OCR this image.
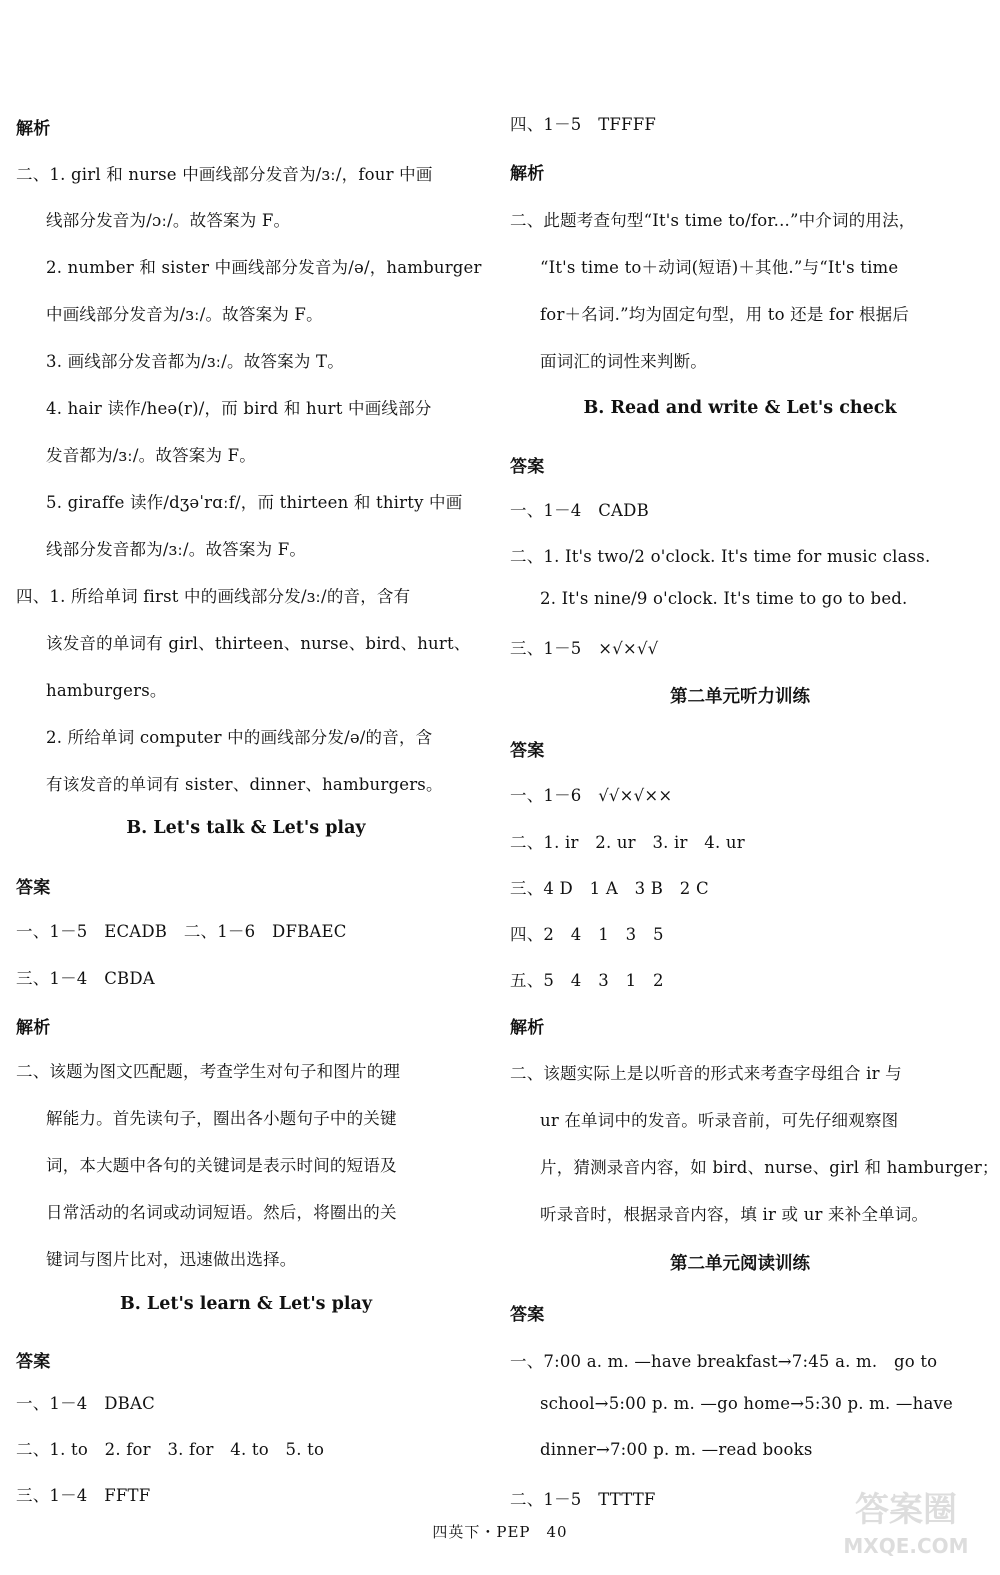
解析
二、1. girl 和 nurse 中画线部分发音为/ɜː/，four 中画
线部分发音为/ɔː/。故答案为 F。
2. number 和 sister 中画线部分发音为/ə/，hamburger
中画线部分发音为/ɜː/。故答案为 F。
3. 画线部分发音都为/ɜː/。故答案为 T。
4. hair 读作/heə(r)/，而 bird 和 hurt 中画线部分
发音都为/ɜː/。故答案为 F。
5. giraffe 读作/dʒəˈrɑːf/，而 thirteen 和 thirty 中画
线部分发音都为/ɜː/。故答案为 F。
四、1. 所给单词 first 中的画线部分发/ɜː/的音，含有
该发音的单词有 girl、thirteen、nurse、bird、hurt、
hamburgers。
2. 所给单词 computer 中的画线部分发/ə/的音，含
有该发音的单词有 sister、dinner、hamburgers。
B. Let's talk & Let's play
答案
一、1－5　ECADB　二、1－6　DFBAEC
三、1－4　CBDA
解析
二、该题为图文匹配题，考查学生对句子和图片的理
解能力。首先读句子，圈出各小题句子中的关键
词，本大题中各句的关键词是表示时间的短语及
日常活动的名词或动词短语。然后，将圈出的关
键词与图片比对，迅速做出选择。
B. Let's learn & Let's play
答案
一、1－4　DBAC
二、1. to　2. for　3. for　4. to　5. to
三、1－4　FFTF
四、1－5　TFFFF
解析
二、此题考查句型“It's time to/for...”中介词的用法，
“It's time to＋动词(短语)＋其他.”与“It's time
for＋名词.”均为固定句型，用 to 还是 for 根据后
面词汇的词性来判断。
B. Read and write & Let's check
答案
一、1－4　CADB
二、1. It's two/2 o'clock. It's time for music class.
2. It's nine/9 o'clock. It's time to go to bed.
三、1－5　×√×√√
第二单元听力训练
答案
一、1－6　√√×√××
二、1. ir　2. ur　3. ir　4. ur
三、4 D　1 A　3 B　2 C
四、2　4　1　3　5
五、5　4　3　1　2
解析
二、该题实际上是以听音的形式来考查字母组合 ir 与
ur 在单词中的发音。听录音前，可先仔细观察图
片，猜测录音内容，如 bird、nurse、girl 和 hamburger；
听录音时，根据录音内容，填 ir 或 ur 来补全单词。
第二单元阅读训练
答案
一、7:00 a. m. —have breakfast→7:45 a. m.　go to
school→5:00 p. m. —go home→5:30 p. m. —have
dinner→7:00 p. m. —read books
二、1－5　TTTTF
四英下・PEP　40
答案圈
MXQE.COM
